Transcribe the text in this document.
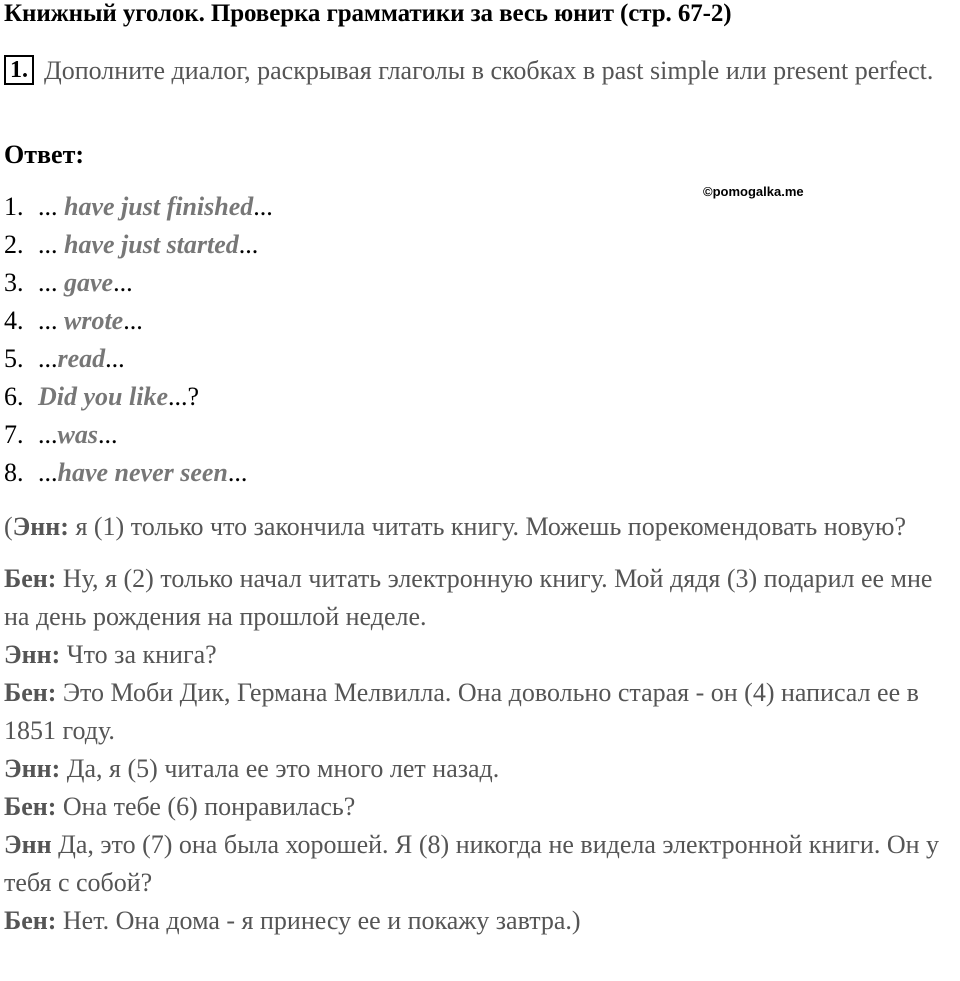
Книжный уголок. Проверка грамматики за весь юнит (стр. 67-2)
1. Дополните диалог, раскрывая глаголы в скобках в past simple или present perfect.
Ответ:
©pomogalka.me
1. ... have just finished...
2. ... have just started...
3. ... gave...
4. ... wrote...
5. ...read...
6. Did you like...?
7. ...was...
8. ...have never seen...

(Энн: я (1) только что закончила читать книгу. Можешь порекомендовать новую?

Бен: Ну, я (2) только начал читать электронную книгу. Мой дядя (3) подарил ее мне на день рождения на прошлой неделе.

Энн: Что за книга?

Бен: Это Моби Дик, Германа Мелвилла. Она довольно старая - он (4) написал ее в 1851 году.

Энн: Да, я (5) читала ее это много лет назад.

Бен: Она тебе (6) понравилась?

Энн Да, это (7) она была хорошей. Я (8) никогда не видела электронной книги. Он у тебя с собой?

Бен: Нет. Она дома - я принесу ее и покажу завтра.)
